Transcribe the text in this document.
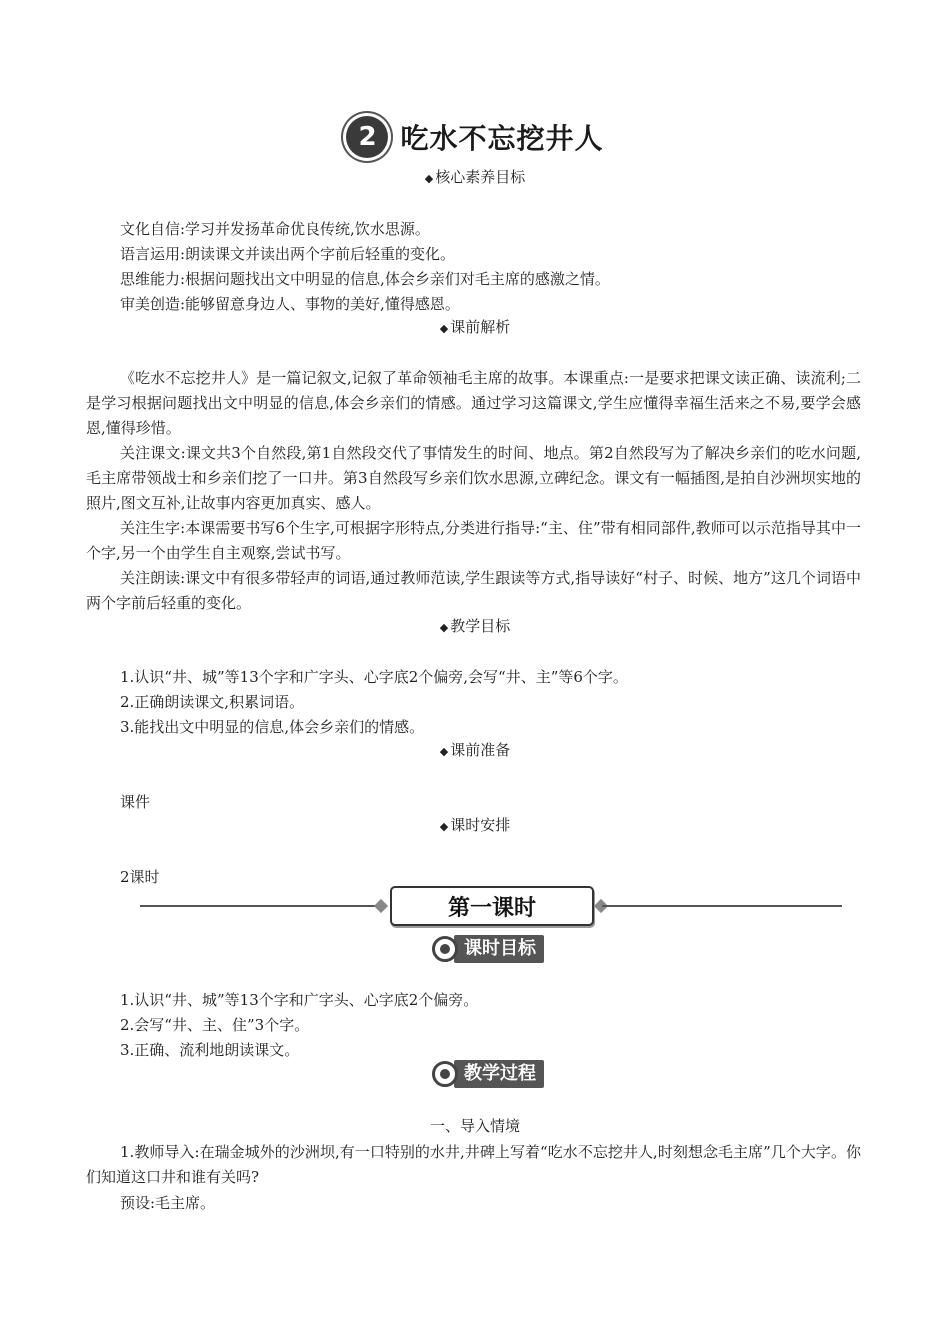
2 吃水不忘挖井人
◆ 核心素养目标
文化自信:学习并发扬革命优良传统,饮水思源。
语言运用:朗读课文并读出两个字前后轻重的变化。
思维能力:根据问题找出文中明显的信息,体会乡亲们对毛主席的感激之情。
审美创造:能够留意身边人、事物的美好,懂得感恩。
◆ 课前解析
《吃水不忘挖井人》是一篇记叙文,记叙了革命领袖毛主席的故事。本课重点:一是要求把课文读正确、读流利;二是学习根据问题找出文中明显的信息,体会乡亲们的情感。通过学习这篇课文,学生应懂得幸福生活来之不易,要学会感恩,懂得珍惜。
关注课文:课文共3个自然段,第1自然段交代了事情发生的时间、地点。第2自然段写为了解决乡亲们的吃水问题,毛主席带领战士和乡亲们挖了一口井。第3自然段写乡亲们饮水思源,立碑纪念。课文有一幅插图,是拍自沙洲坝实地的照片,图文互补,让故事内容更加真实、感人。
关注生字:本课需要书写6个生字,可根据字形特点,分类进行指导:“主、住”带有相同部件,教师可以示范指导其中一个字,另一个由学生自主观察,尝试书写。
关注朗读:课文中有很多带轻声的词语,通过教师范读,学生跟读等方式,指导读好“村子、时候、地方”这几个词语中两个字前后轻重的变化。
◆ 教学目标
1.认识“井、城”等13个字和广字头、心字底2个偏旁,会写“井、主”等6个字。
2.正确朗读课文,积累词语。
3.能找出文中明显的信息,体会乡亲们的情感。
◆ 课前准备
课件
◆ 课时安排
2课时
第一课时
课时目标
1.认识“井、城”等13个字和广字头、心字底2个偏旁。
2.会写“井、主、住”3个字。
3.正确、流利地朗读课文。
教学过程
一、导入情境
1.教师导入:在瑞金城外的沙洲坝,有一口特别的水井,井碑上写着“吃水不忘挖井人,时刻想念毛主席”几个大字。你们知道这口井和谁有关吗?
预设:毛主席。
